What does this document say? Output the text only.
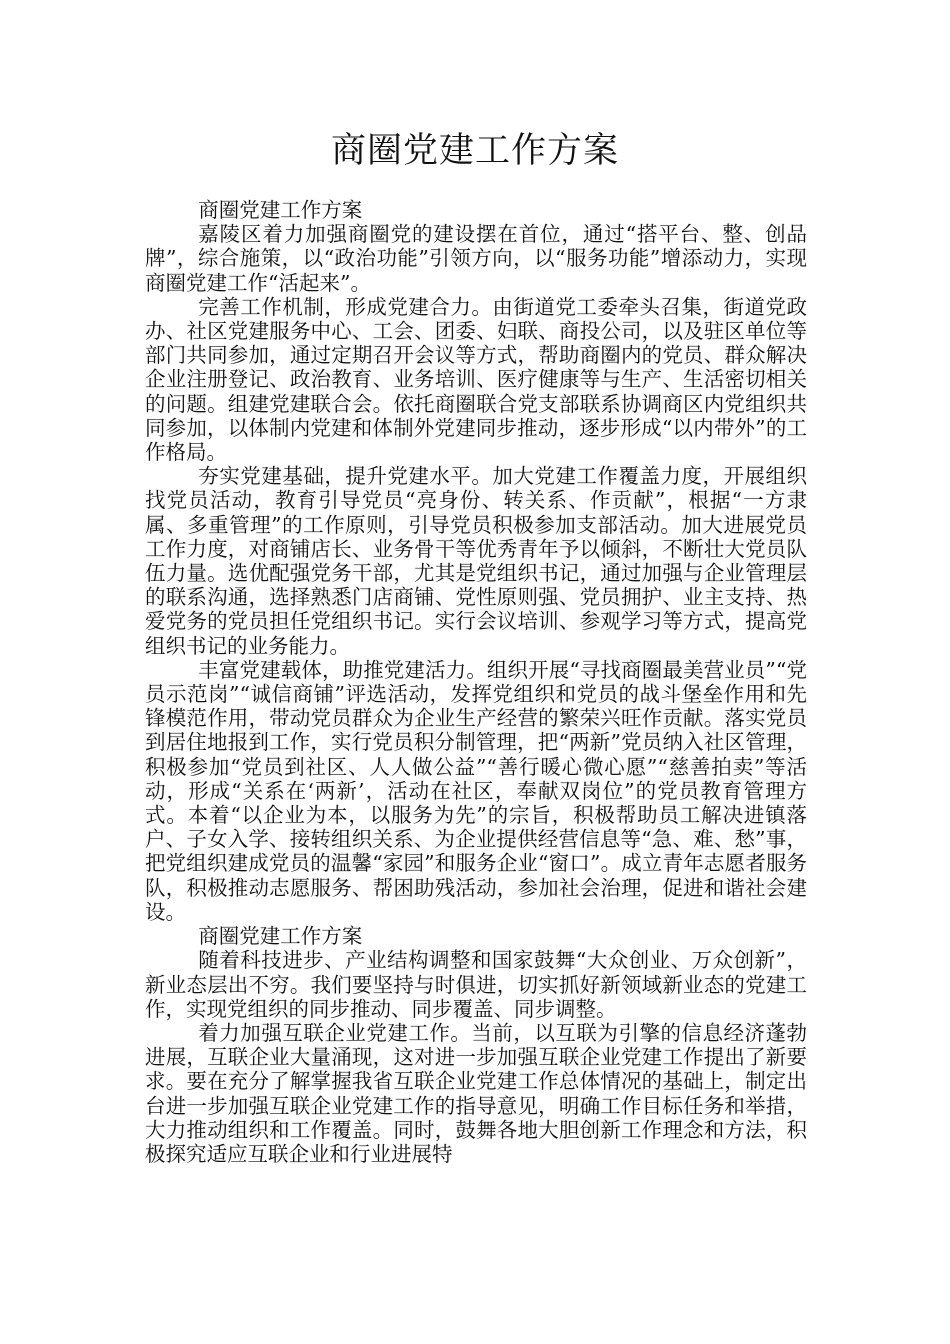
商圈党建工作方案

商圈党建工作方案

嘉陵区着力加强商圈党的建设摆在首位，通过“搭平台、整、创品牌”，综合施策，以“政治功能”引领方向，以“服务功能”增添动力，实现商圈党建工作“活起来”。

完善工作机制，形成党建合力。由街道党工委牵头召集，街道党政办、社区党建服务中心、工会、团委、妇联、商投公司，以及驻区单位等部门共同参加，通过定期召开会议等方式，帮助商圈内的党员、群众解决企业注册登记、政治教育、业务培训、医疗健康等与生产、生活密切相关的问题。组建党建联合会。依托商圈联合党支部联系协调商区内党组织共同参加，以体制内党建和体制外党建同步推动，逐步形成“以内带外”的工作格局。

夯实党建基础，提升党建水平。加大党建工作覆盖力度，开展组织找党员活动，教育引导党员“亮身份、转关系、作贡献”，根据“一方隶属、多重管理”的工作原则，引导党员积极参加支部活动。加大进展党员工作力度，对商铺店长、业务骨干等优秀青年予以倾斜，不断壮大党员队伍力量。选优配强党务干部，尤其是党组织书记，通过加强与企业管理层的联系沟通，选择熟悉门店商铺、党性原则强、党员拥护、业主支持、热爱党务的党员担任党组织书记。实行会议培训、参观学习等方式，提高党组织书记的业务能力。

丰富党建载体，助推党建活力。组织开展“寻找商圈最美营业员”“党员示范岗”“诚信商铺”评选活动，发挥党组织和党员的战斗堡垒作用和先锋模范作用，带动党员群众为企业生产经营的繁荣兴旺作贡献。落实党员到居住地报到工作，实行党员积分制管理，把“两新”党员纳入社区管理，积极参加“党员到社区、人人做公益”“善行暖心微心愿”“慈善拍卖”等活动，形成“关系在‘两新’，活动在社区，奉献双岗位”的党员教育管理方式。本着“以企业为本，以服务为先”的宗旨，积极帮助员工解决进镇落户、子女入学、接转组织关系、为企业提供经营信息等“急、难、愁”事，把党组织建成党员的温馨“家园”和服务企业“窗口”。成立青年志愿者服务队，积极推动志愿服务、帮困助残活动，参加社会治理，促进和谐社会建设。

商圈党建工作方案

随着科技进步、产业结构调整和国家鼓舞“大众创业、万众创新”，新业态层出不穷。我们要坚持与时俱进，切实抓好新领域新业态的党建工作，实现党组织的同步推动、同步覆盖、同步调整。

着力加强互联企业党建工作。当前，以互联为引擎的信息经济蓬勃进展，互联企业大量涌现，这对进一步加强互联企业党建工作提出了新要求。要在充分了解掌握我省互联企业党建工作总体情况的基础上，制定出台进一步加强互联企业党建工作的指导意见，明确工作目标任务和举措，大力推动组织和工作覆盖。同时，鼓舞各地大胆创新工作理念和方法，积极探究适应互联企业和行业进展特
